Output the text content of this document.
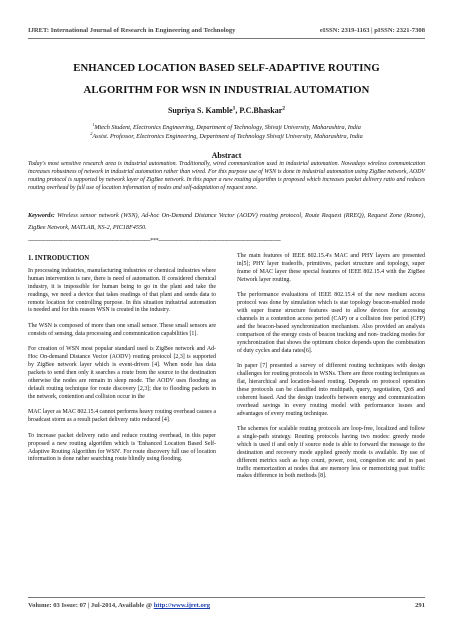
IJRET: International Journal of Research in Engineering and Technology	eISSN: 2319-1163 | pISSN: 2321-7308
ENHANCED LOCATION BASED SELF-ADAPTIVE ROUTING
ALGORITHM FOR WSN IN INDUSTRIAL AUTOMATION
Supriya S. Kamble$^1$, P.C.Bhaskar$^2$
$^1$Mtech Student, Electronics Engineering, Department of Technology, Shivaji University, Maharashtra, India
$^2$Assist. Professor, Electronics Engineering, Department of Technology Shivaji University, Maharashtra, India
Abstract
Today's most sensitive research area is industrial automation. Traditionally, wired communication used in industrial automation. Nowadays wireless communication increases robustness of network in industrial automation rather than wired. For this purpose use of WSN is done in industrial automation using ZigBee network, AODV routing protocol is supported by network layer of ZigBee network. In this paper a new routing algorithm is proposed which increases packet delivery ratio and reduces routing overhead by full use of location information of nodes and self-adaptation of request zone.
Keywords: Wireless sensor network (WSN), Ad-hoc On-Demand Distance Vector (AODV) routing protocol, Route Request (RREQ), Request Zone (Rzone), ZigBee Network, MATLAB, NS-2, PIC18F4550.
------------------------------------------------------------------------***------------------------------------------------------------------------
1. INTRODUCTION

In processing industries, manufacturing industries or chemical industries where human intervention is rare, there is need of automation. If considered chemical industry, it is impossible for human being to go in the plant and take the readings, we need a device that takes readings of that plant and sends data to remote location for controlling purpose. In this situation industrial automation is needed and for this reason WSN is created in the industry.

The WSN is composed of more than one small sensor. These small sensors are consists of sensing, data processing and communication capabilities [1].

For creation of WSN most popular standard used is ZigBee network and Ad-Hoc On-demand Distance Vector (AODV) routing protocol [2,3] is supported by ZigBee network layer which is event-driven [4]. When node has data packets to send then only it searches a route from the source to the destination otherwise the nodes are remain in sleep mode. The AODV uses flooding as default routing technique for route discovery [2,3]; due to flooding packets in the network, contention and collision occur in the

MAC layer as MAC 802.15.4 cannot performs heavy routing overhead causes a broadcast storm as a result packet delivery ratio reduced [4].

To increase packet delivery ratio and reduce routing overhead, in this paper proposed a new routing algorithm which is 'Enhanced Location Based Self-Adaptive Routing Algorithm for WSN'. For route discovery full use of location information is done rather searching route blindly using flooding.

The main features of IEEE 802.15.4's MAC and PHY layers are presented in[5]; PHY layer tradeoffs, primitives, packet structure and topology, super frame of MAC layer these special features of IEEE 802.15.4 with the ZigBee Network layer routing.

The performance evaluations of IEEE 802.15.4 of the new medium access protocol was done by simulation which is star topology beacon-enabled mode with super frame structure features used to allow devices for accessing channels in a contention access period (CAP) or a collision free period (CFP) and the beacon-based synchronization mechanism. Also provided an analysis comparison of the energy costs of beacon tracking and non- tracking modes for synchronization that shows the optimum choice depends upon the combination of duty cycles and data rates[6].

In paper [7] presented a survey of different routing techniques with design challenges for routing protocols in WSNs. There are three routing techniques as flat, hierarchical and location-based routing. Depends on protocol operation these protocols can be classified into multipath, query, negotiation, QoS and coherent based. And the design tradeoffs between energy and communication overhead savings in every routing model with performance issues and advantages of every routing technique.

The schemes for scalable routing protocols are loop-free, localized and follow a single-path strategy. Routing protocols having two modes: greedy mode which is used if and only if source node is able to forward the message to the destination and recovery mode applied greedy mode is available. By use of different metrics such as hop count, power, cost, congestion etc and in past traffic memorization at nodes that are memory less or memorizing past traffic makes difference in both methods [8].

Volume: 03 Issue: 07 | Jul-2014, Available @ http://www.ijret.org	291
